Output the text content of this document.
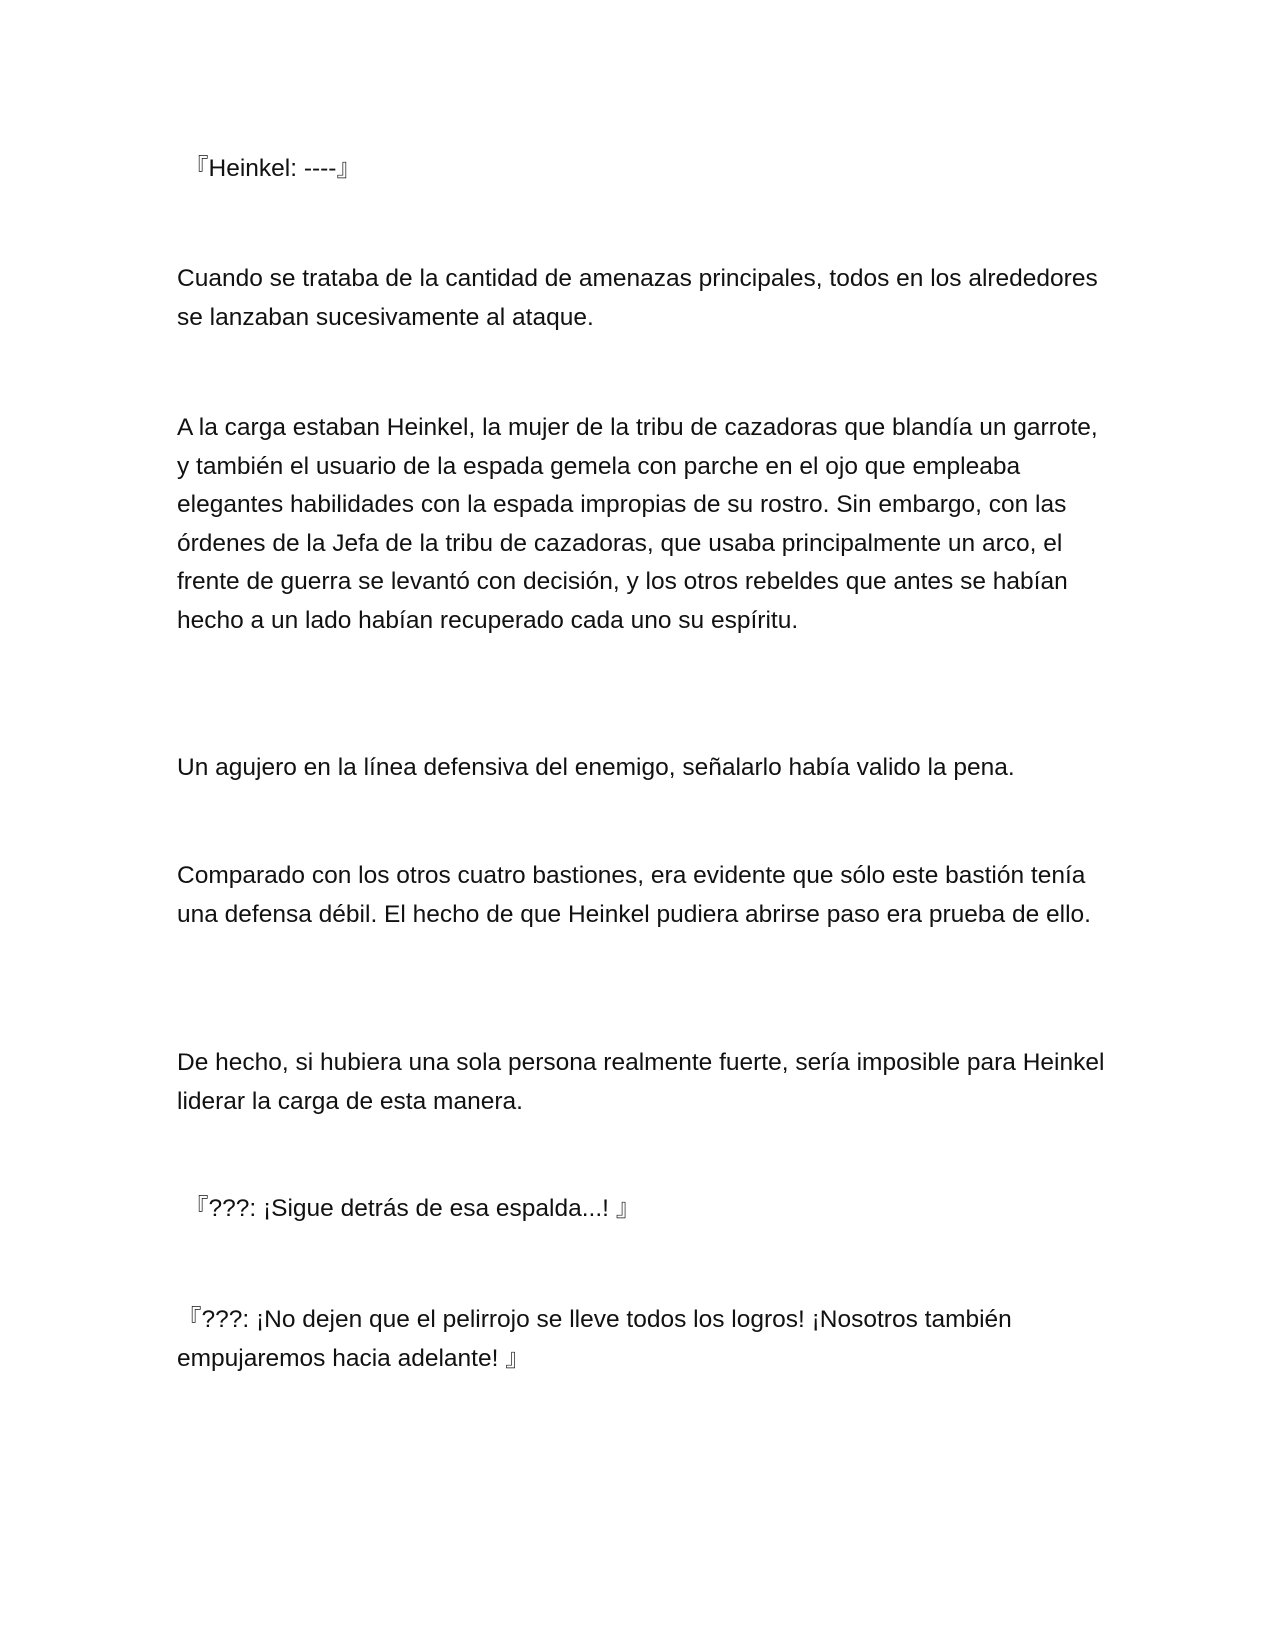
『Heinkel: ----』

Cuando se trataba de la cantidad de amenazas principales, todos en los alrededores se lanzaban sucesivamente al ataque.

A la carga estaban Heinkel, la mujer de la tribu de cazadoras que blandía un garrote, y también el usuario de la espada gemela con parche en el ojo que empleaba elegantes habilidades con la espada impropias de su rostro. Sin embargo, con las órdenes de la Jefa de la tribu de cazadoras, que usaba principalmente un arco, el frente de guerra se levantó con decisión, y los otros rebeldes que antes se habían hecho a un lado habían recuperado cada uno su espíritu.

Un agujero en la línea defensiva del enemigo, señalarlo había valido la pena.

Comparado con los otros cuatro bastiones, era evidente que sólo este bastión tenía una defensa débil. El hecho de que Heinkel pudiera abrirse paso era prueba de ello.

De hecho, si hubiera una sola persona realmente fuerte, sería imposible para Heinkel liderar la carga de esta manera.

『???: ¡Sigue detrás de esa espalda...! 』

『???: ¡No dejen que el pelirrojo se lleve todos los logros! ¡Nosotros también empujaremos hacia adelante! 』
